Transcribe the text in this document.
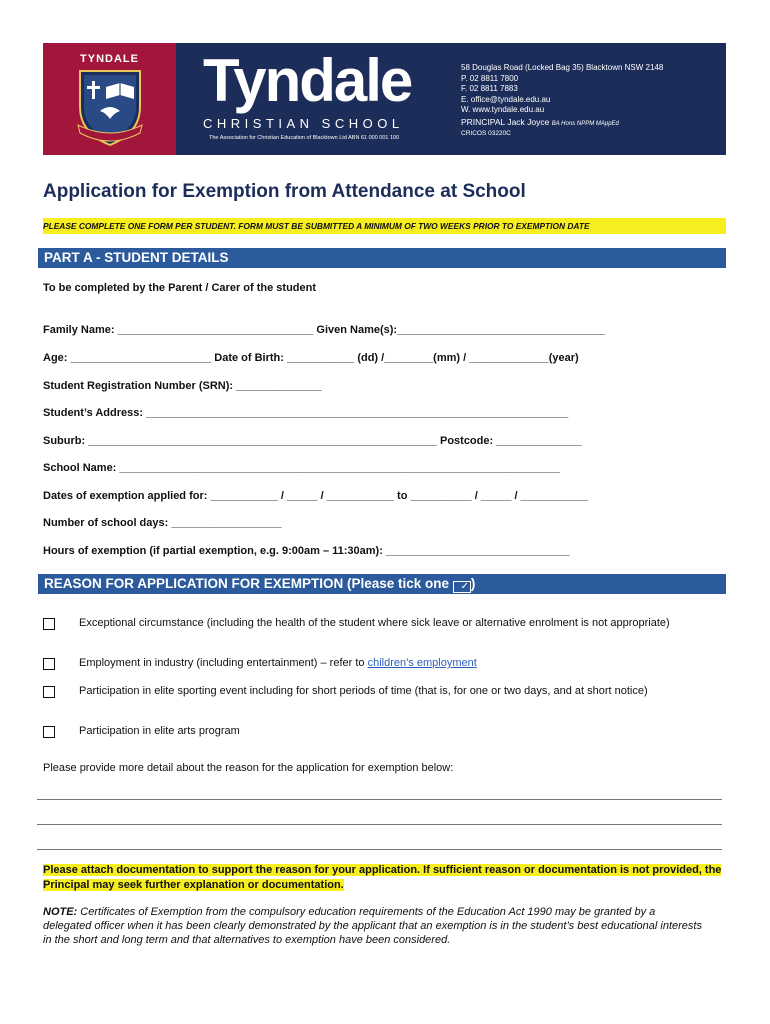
TYNDALE	Tyndale
CHRISTIAN SCHOOL
The Association for Christian Education of Blacktown Ltd ABN 61 000 001 100
58 Douglas Road (Locked Bag 35) Blacktown NSW 2148
P. 02 8811 7800
F. 02 8811 7883
E. office@tyndale.edu.au
W. www.tyndale.edu.au
PRINCIPAL Jack Joyce BA Hons NPPM MAppEd
CRICOS 03220C
Application for Exemption from Attendance at School
PLEASE COMPLETE ONE FORM PER STUDENT. FORM MUST BE SUBMITTED A MINIMUM OF TWO WEEKS PRIOR TO EXEMPTION DATE
PART A - STUDENT DETAILS
To be completed by the Parent / Carer of the student
Family Name: ________________________________ Given Name(s):__________________________________
Age: _______________________ Date of Birth: ___________ (dd) /________(mm) / _____________(year)
Student Registration Number (SRN): ______________
Student’s Address: _____________________________________________________________________
Suburb: _________________________________________________________ Postcode: ______________
School Name: ________________________________________________________________________
Dates of exemption applied for: ___________ / _____ / ___________ to __________ / _____ / ___________
Number of school days: __________________
Hours of exemption (if partial exemption, e.g. 9:00am – 11:30am): ______________________________
REASON FOR APPLICATION FOR EXEMPTION (Please tick one ✓ )
Exceptional circumstance (including the health of the student where sick leave or alternative enrolment is not appropriate)
Employment in industry (including entertainment) – refer to children’s employment
Participation in elite sporting event including for short periods of time (that is, for one or two days, and at short notice)
Participation in elite arts program
Please provide more detail about the reason for the application for exemption below:
Please attach documentation to support the reason for your application. If sufficient reason or documentation is not provided, the Principal may seek further explanation or documentation.
NOTE: Certificates of Exemption from the compulsory education requirements of the Education Act 1990 may be granted by a delegated officer when it has been clearly demonstrated by the applicant that an exemption is in the student’s best educational interests in the short and long term and that alternatives to exemption have been considered.
